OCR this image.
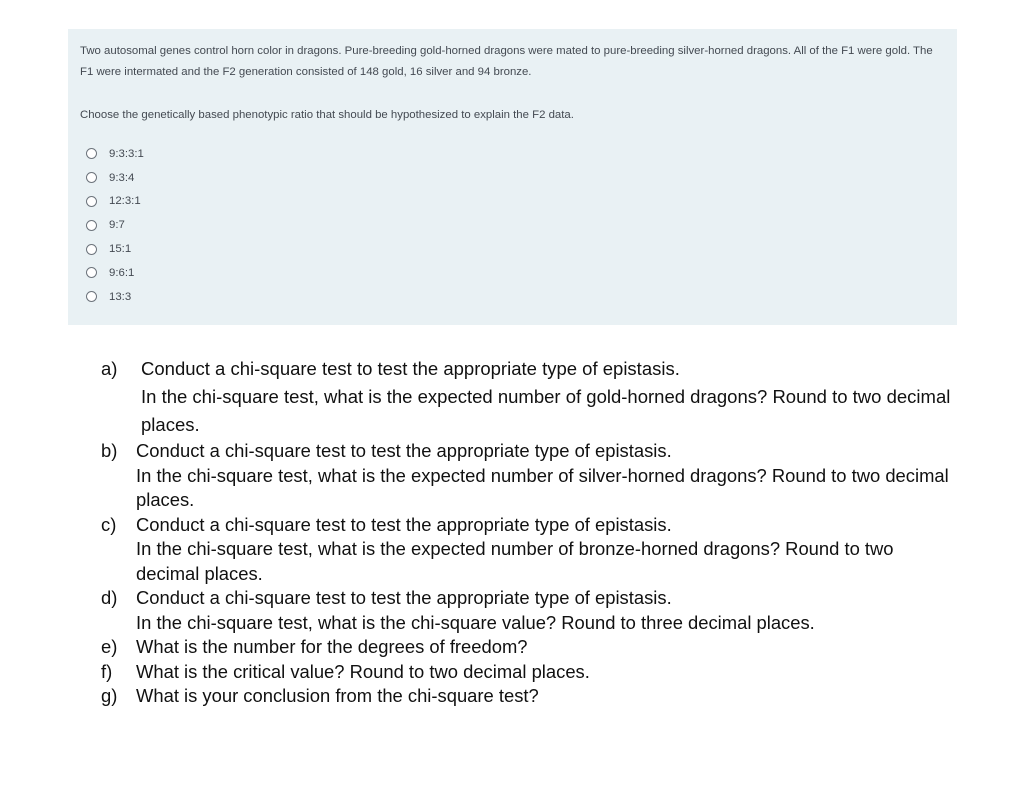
Two autosomal genes control horn color in dragons. Pure-breeding gold-horned dragons were mated to pure-breeding silver-horned dragons. All of the F1 were gold. The F1 were intermated and the F2 generation consisted of 148 gold, 16 silver and 94 bronze.

Choose the genetically based phenotypic ratio that should be hypothesized to explain the F2 data.

9:3:3:1
9:3:4
12:3:1
9:7
15:1
9:6:1
13:3
a)	Conduct a chi-square test to test the appropriate type of epistasis.
In the chi-square test, what is the expected number of gold-horned dragons? Round to two decimal places.
b)	Conduct a chi-square test to test the appropriate type of epistasis.
In the chi-square test, what is the expected number of silver-horned dragons? Round to two decimal places.
c)	Conduct a chi-square test to test the appropriate type of epistasis.
In the chi-square test, what is the expected number of bronze-horned dragons? Round to two decimal places.
d)	Conduct a chi-square test to test the appropriate type of epistasis.
In the chi-square test, what is the chi-square value? Round to three decimal places.
e)	What is the number for the degrees of freedom?
f)	What is the critical value? Round to two decimal places.
g)	What is your conclusion from the chi-square test?
